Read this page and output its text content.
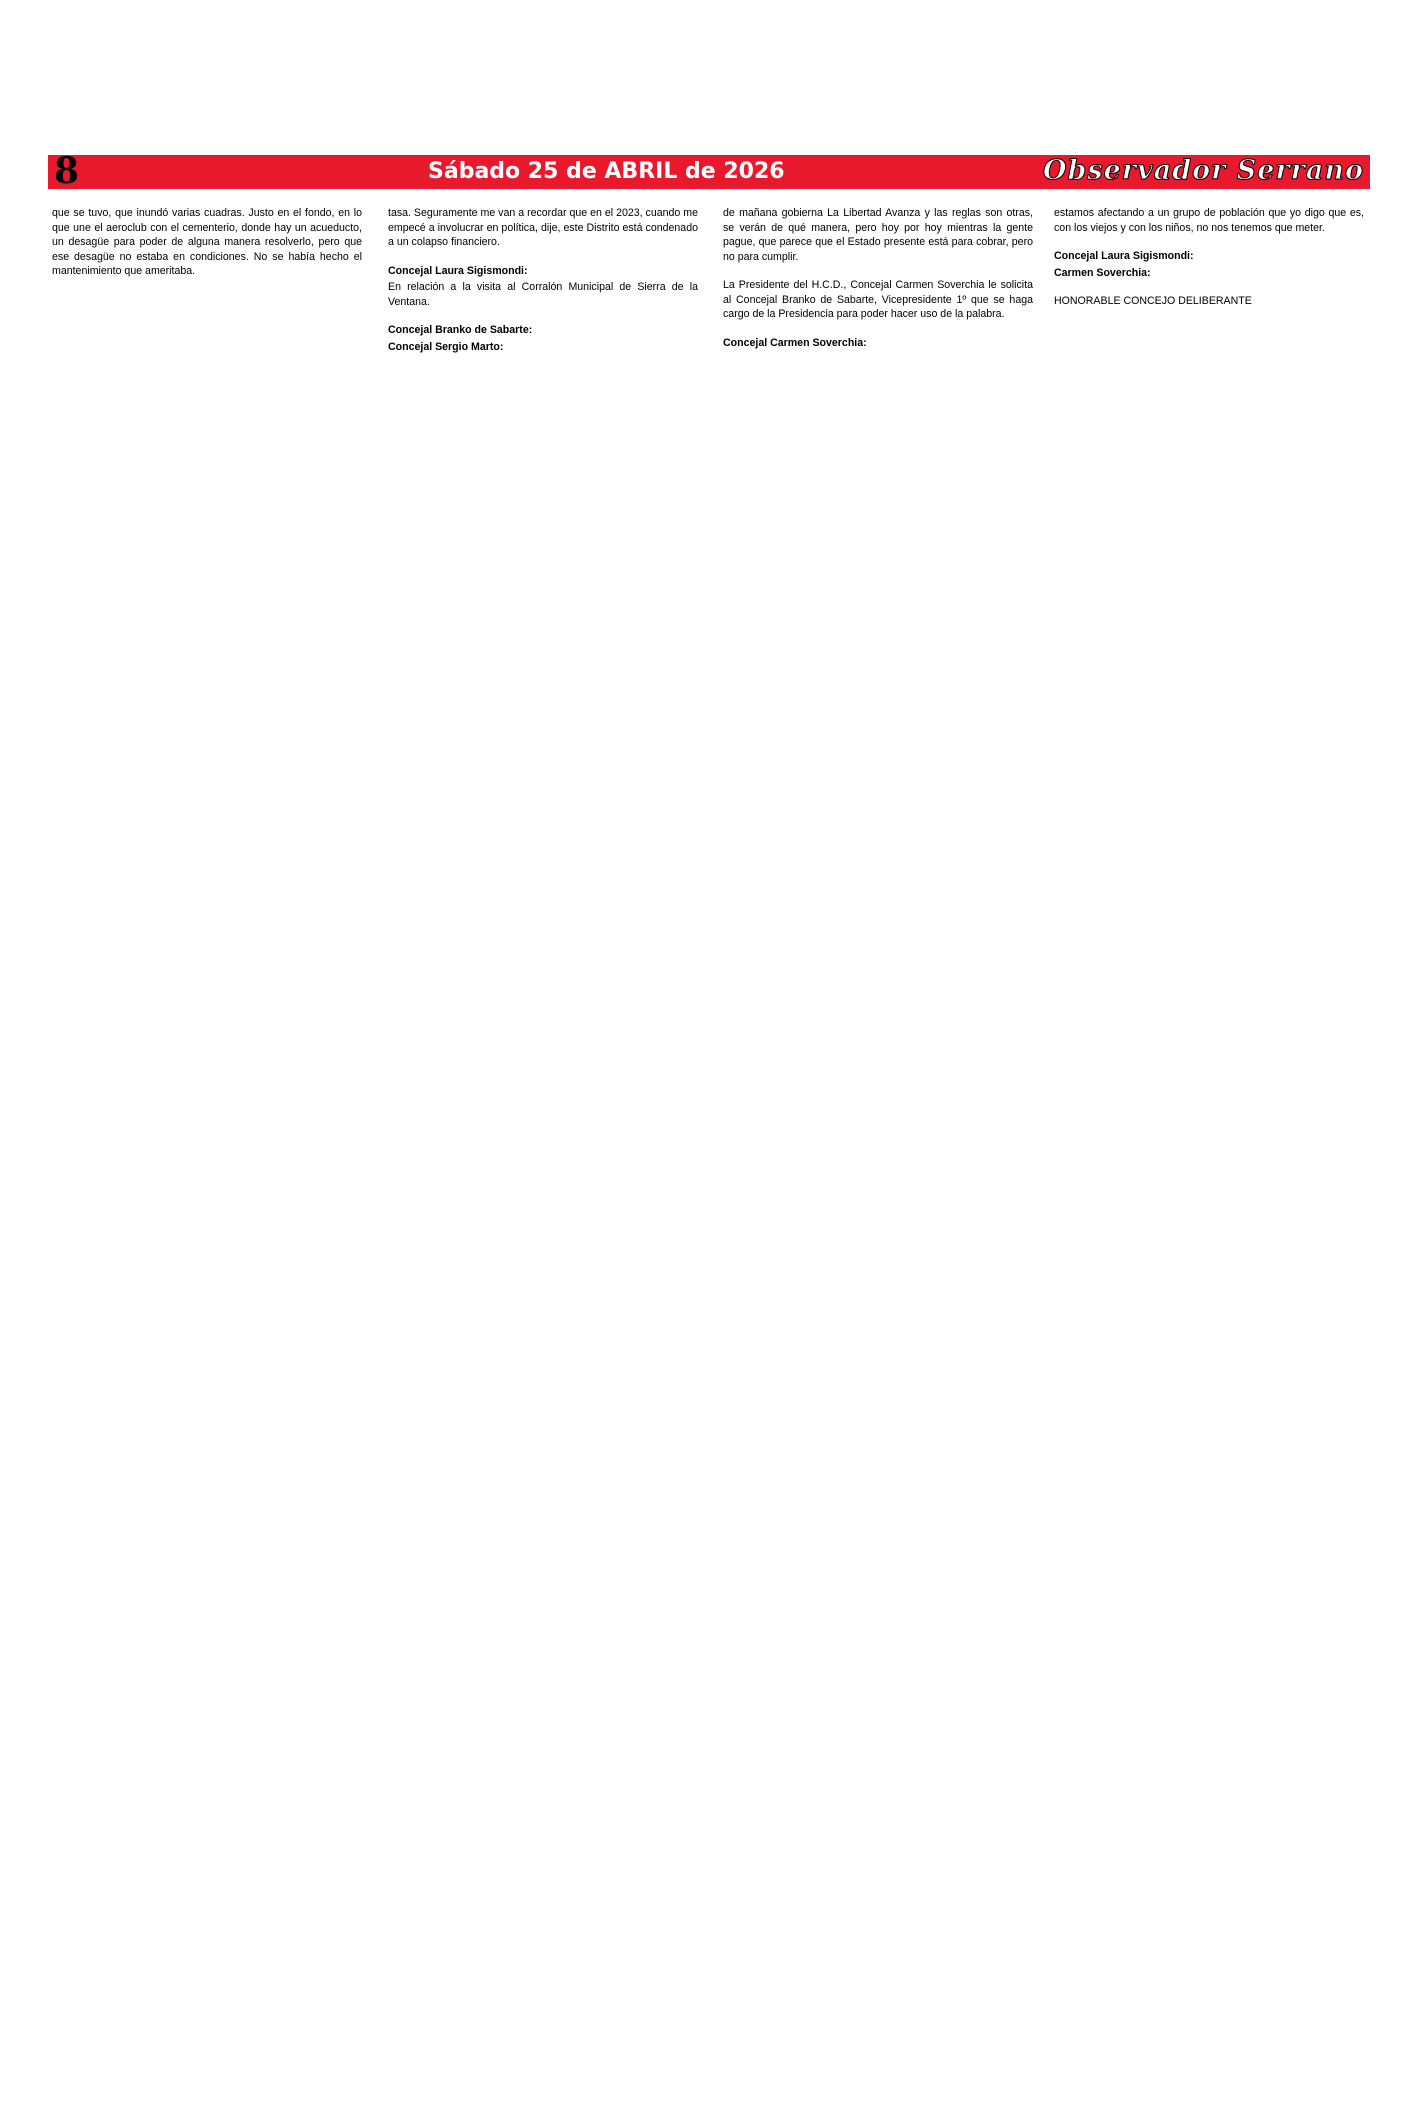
8	Sábado 25 de ABRIL de 2026	Observador Serrano

que se tuvo, que inundó varias cuadras. Justo en el fondo, en lo que une el aeroclub con el cementerio, donde hay un acueducto, un desagüe para poder de alguna manera resolverlo, pero que ese desagüe no estaba en condiciones. No se había hecho el mantenimiento que ameritaba.

tasa. Seguramente me van a recordar que en el 2023, cuando me empecé a involucrar en política, dije, este Distrito está condenado a un colapso financiero.

Concejal Laura Sigismondi:

En relación a la visita al Corralón Municipal de Sierra de la Ventana.

Concejal Branko de Sabarte:
Concejal Sergio Marto:

de mañana gobierna La Libertad Avanza y las reglas son otras, se verán de qué manera, pero hoy por hoy mientras la gente pague, que parece que el Estado presente está para cobrar, pero no para cumplir.

La Presidente del H.C.D., Concejal Carmen Soverchia le solicita al Concejal Branko de Sabarte, Vicepresidente 1º que se haga cargo de la Presidencia para poder hacer uso de la palabra.

Concejal Carmen Soverchia:

estamos afectando a un grupo de población que yo digo que es, con los viejos y con los niños, no nos tenemos que meter.

Concejal Laura Sigismondi:
Carmen Soverchia:
HONORABLE CONCEJO DELIBERANTE
